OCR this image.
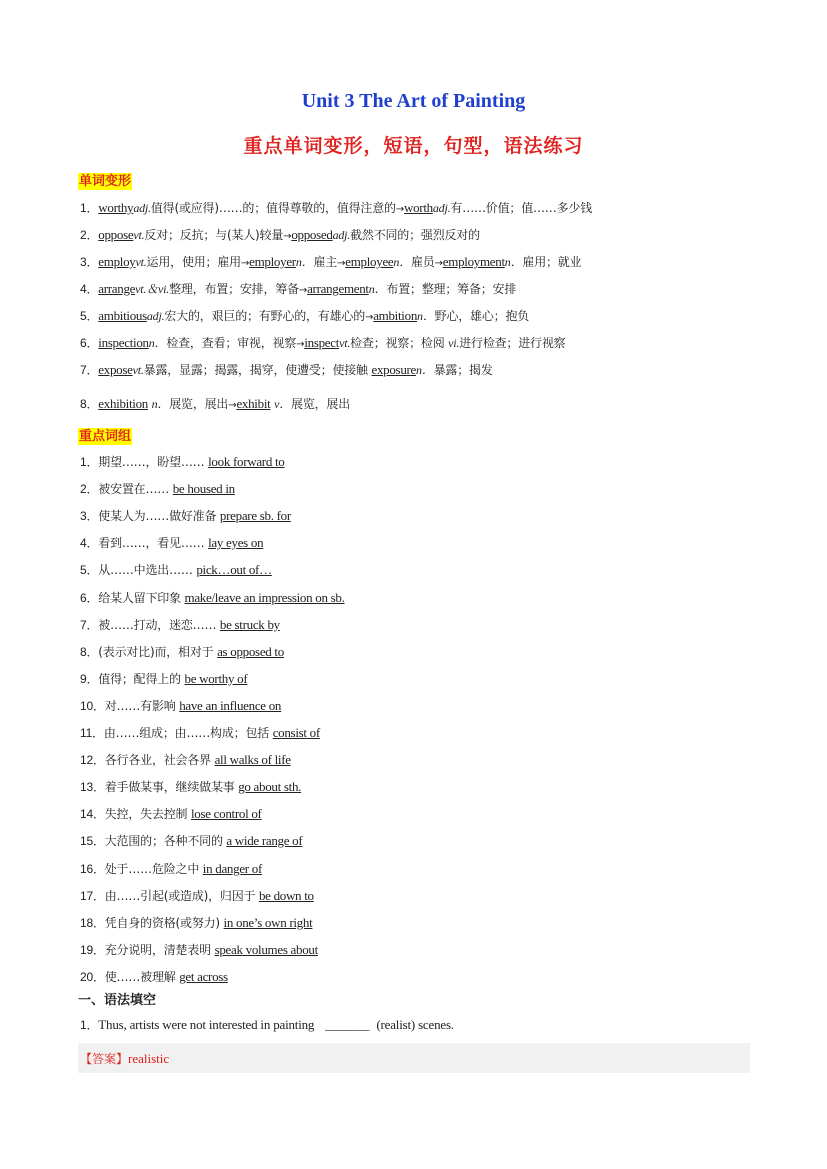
Unit 3 The Art of Painting
重点单词变形，短语，句型，语法练习
单词变形
1．worthyadj.值得(或应得)……的；值得尊敬的，值得注意的→worthadj.有……价值；值……多少钱
2．opposevt.反对；反抗；与(某人)较量→opposedadj.截然不同的；强烈反对的
3．employvt.运用，使用；雇用→employern．雇主→employeen．雇员→employmentn．雇用；就业
4．arrangevt.＆vi.整理，布置；安排，筹备→arrangementn．布置；整理；筹备；安排
5．ambitiousadj.宏大的，艰巨的；有野心的，有雄心的→ambitionn．野心，雄心；抱负
6．inspectionn．检查，查看；审视，视察→inspectvt.检查；视察；检阅 vi.进行检查；进行视察
7．exposevt.暴露，显露；揭露，揭穿，使遭受；使接触 exposuren．暴露；揭发
8．exhibition n．展览，展出→exhibit v．展览，展出
重点词组
1．期望……，盼望…… look forward to
2．被安置在…… be housed in
3．使某人为……做好准备 prepare sb. for
4．看到……，看见…… lay eyes on
5．从……中选出…… pick…out of…
6．给某人留下印象 make/leave an impression on sb.
7．被……打动，迷恋…… be struck by
8．(表示对比)而，相对于 as opposed to
9．值得；配得上的 be worthy of
10．对……有影响 have an influence on
11．由……组成；由……构成；包括 consist of
12．各行各业，社会各界 all walks of life
13．着手做某事，继续做某事 go about sth.
14．失控，失去控制 lose control of
15．大范围的；各种不同的 a wide range of
16．处于……危险之中 in danger of
17．由……引起(或造成)，归因于 be down to
18．凭自身的资格(或努力) in one’s own right
19．充分说明，清楚表明 speak volumes about
20．使……被理解 get across
一、语法填空
1．Thus, artists were not interested in painting _______ (realist) scenes.
【答案】realistic
